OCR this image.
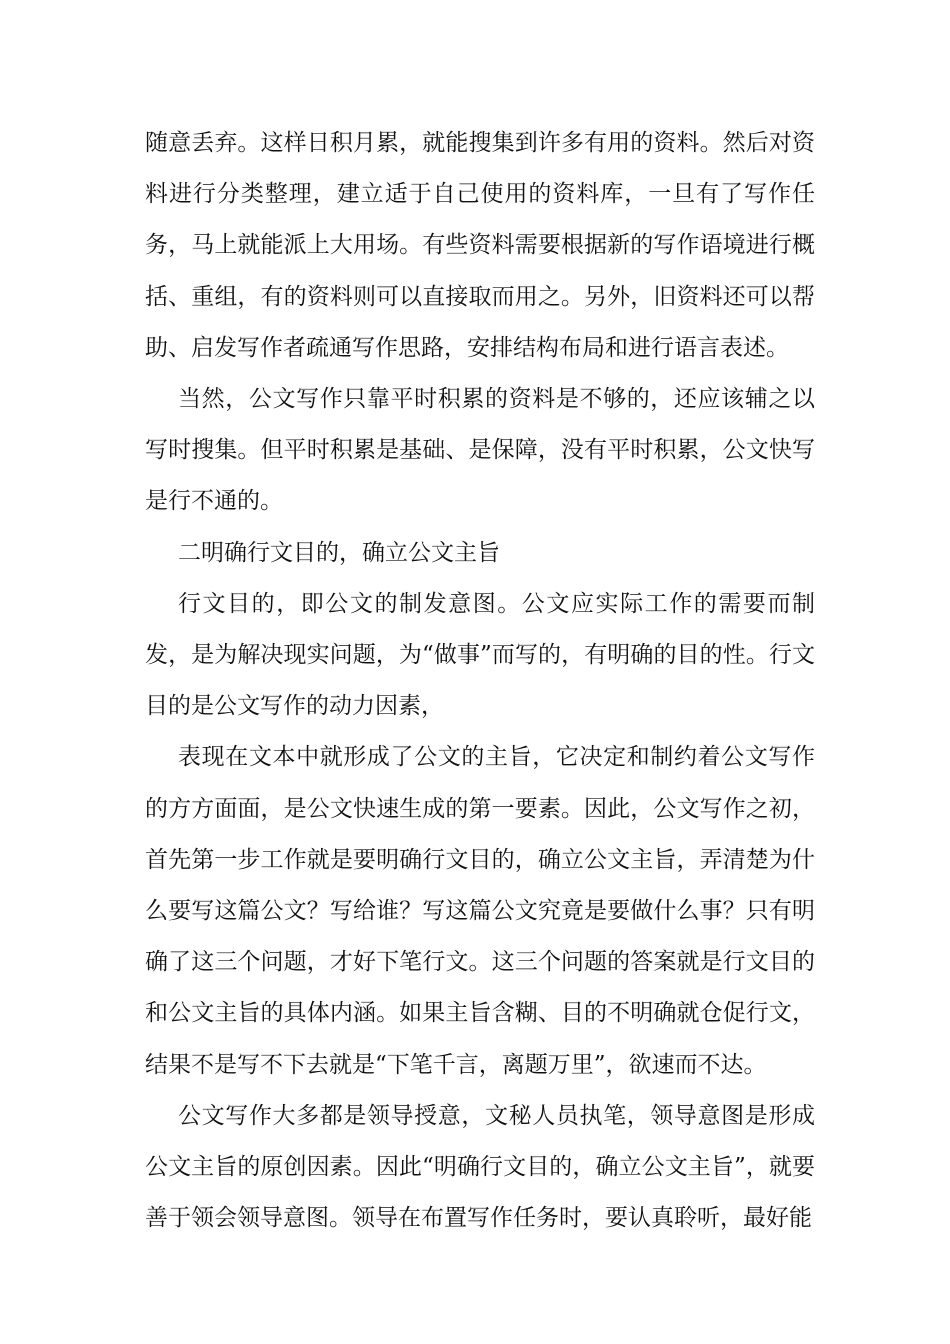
随意丢弃。这样日积月累，就能搜集到许多有用的资料。然后对资料进行分类整理，建立适于自己使用的资料库，一旦有了写作任务，马上就能派上大用场。有些资料需要根据新的写作语境进行概括、重组，有的资料则可以直接取而用之。另外，旧资料还可以帮助、启发写作者疏通写作思路，安排结构布局和进行语言表述。

当然，公文写作只靠平时积累的资料是不够的，还应该辅之以写时搜集。但平时积累是基础、是保障，没有平时积累，公文快写是行不通的。

二明确行文目的，确立公文主旨

行文目的，即公文的制发意图。公文应实际工作的需要而制发，是为解决现实问题，为“做事”而写的，有明确的目的性。行文目的是公文写作的动力因素，

表现在文本中就形成了公文的主旨，它决定和制约着公文写作的方方面面，是公文快速生成的第一要素。因此，公文写作之初，首先第一步工作就是要明确行文目的，确立公文主旨，弄清楚为什么要写这篇公文？写给谁？写这篇公文究竟是要做什么事？只有明确了这三个问题，才好下笔行文。这三个问题的答案就是行文目的和公文主旨的具体内涵。如果主旨含糊、目的不明确就仓促行文，结果不是写不下去就是“下笔千言，离题万里”，欲速而不达。

公文写作大多都是领导授意，文秘人员执笔，领导意图是形成公文主旨的原创因素。因此“明确行文目的，确立公文主旨”，就要善于领会领导意图。领导在布置写作任务时，要认真聆听，最好能
